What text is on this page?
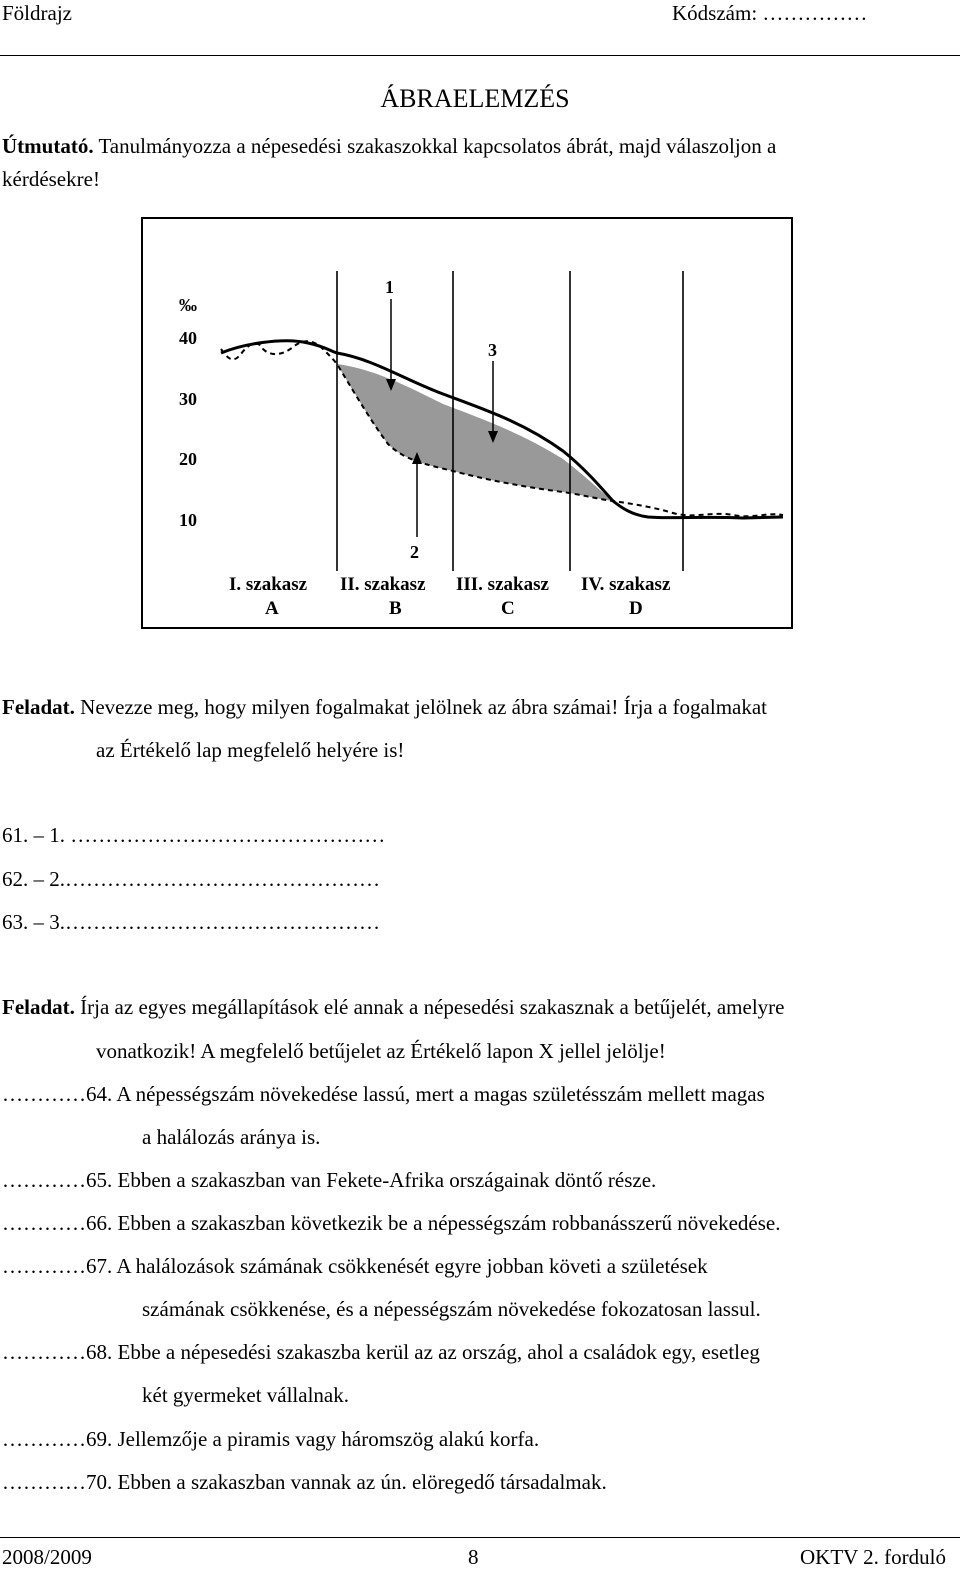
Földrajz	Kódszám: ……………
ÁBRAELEMZÉS
Útmutató. Tanulmányozza a népesedési szakaszokkal kapcsolatos ábrát, majd válaszoljon a
kérdésekre!
‰
40
30
20
10
1
2
3
I. szakasz II. szakasz III. szakasz IV. szakasz
A	B	C	D
Feladat. Nevezze meg, hogy milyen fogalmakat jelölnek az ábra számai! Írja a fogalmakat
az Értékelő lap megfelelő helyére is!
61. – 1. ………………………………………
62. – 2.………………………………………
63. – 3.………………………………………
Feladat. Írja az egyes megállapítások elé annak a népesedési szakasznak a betűjelét, amelyre
vonatkozik! A megfelelő betűjelet az Értékelő lapon X jellel jelölje!
…………64. A népességszám növekedése lassú, mert a magas születésszám mellett magas
a halálozás aránya is.
…………65. Ebben a szakaszban van Fekete-Afrika országainak döntő része.
…………66. Ebben a szakaszban következik be a népességszám robbanásszerű növekedése.
…………67. A halálozások számának csökkenését egyre jobban követi a születések
számának csökkenése, és a népességszám növekedése fokozatosan lassul.
…………68. Ebbe a népesedési szakaszba kerül az az ország, ahol a családok egy, esetleg
két gyermeket vállalnak.
…………69. Jellemzője a piramis vagy háromszög alakú korfa.
…………70. Ebben a szakaszban vannak az ún. elöregedő társadalmak.
2008/2009	8	OKTV 2. forduló
